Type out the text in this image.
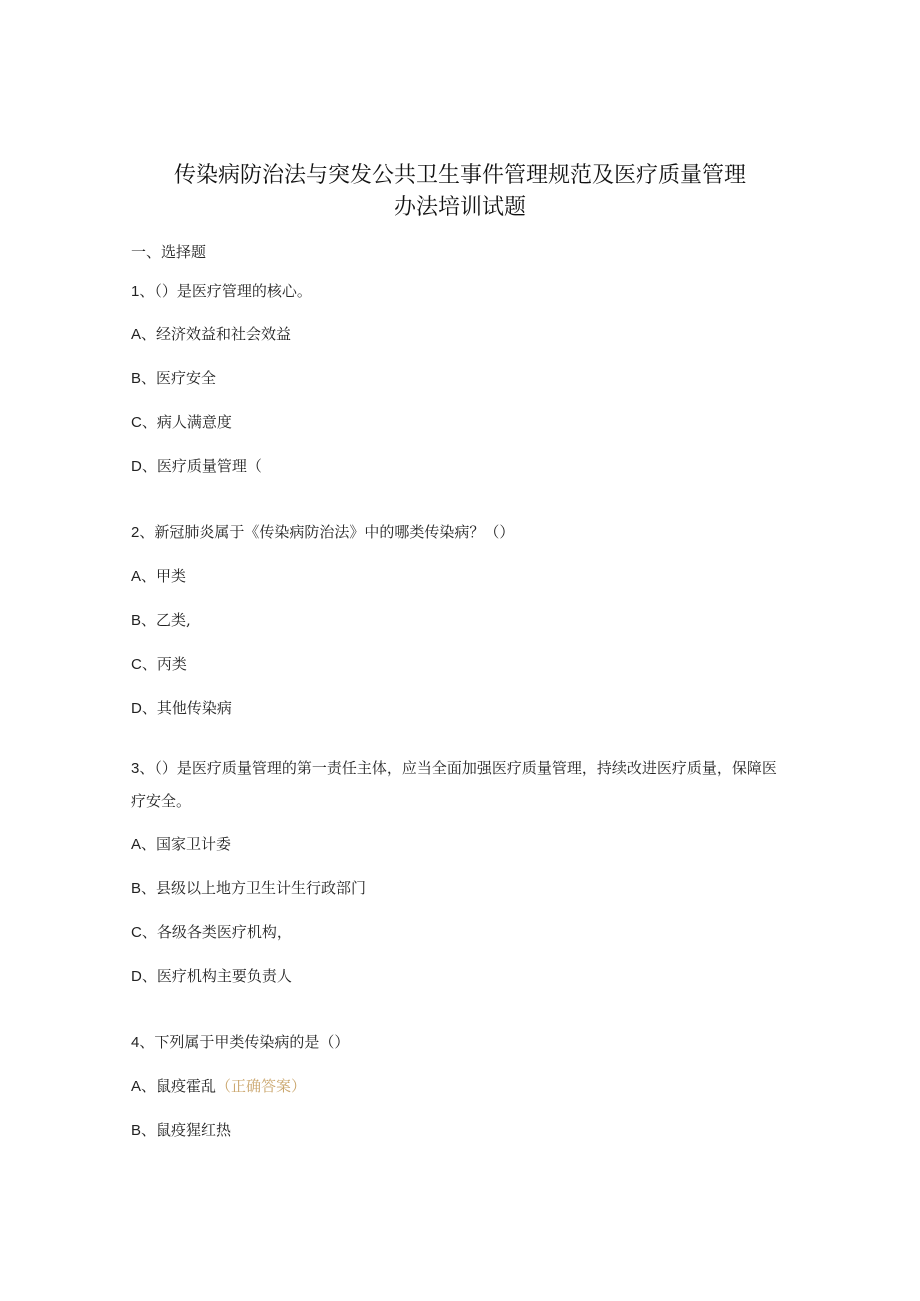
传染病防治法与突发公共卫生事件管理规范及医疗质量管理
办法培训试题
一、选择题
1、（）是医疗管理的核心。
A、经济效益和社会效益
B、医疗安全
C、病人满意度
D、医疗质量管理（
2、新冠肺炎属于《传染病防治法》中的哪类传染病？（）
A、甲类
B、乙类,
C、丙类
D、其他传染病
3、（）是医疗质量管理的第一责任主体，应当全面加强医疗质量管理，持续改进医疗质量，保障医疗安全。
A、国家卫计委
B、县级以上地方卫生计生行政部门
C、各级各类医疗机构，
D、医疗机构主要负责人
4、下列属于甲类传染病的是（）
A、鼠疫霍乱（正确答案）
B、鼠疫猩红热
